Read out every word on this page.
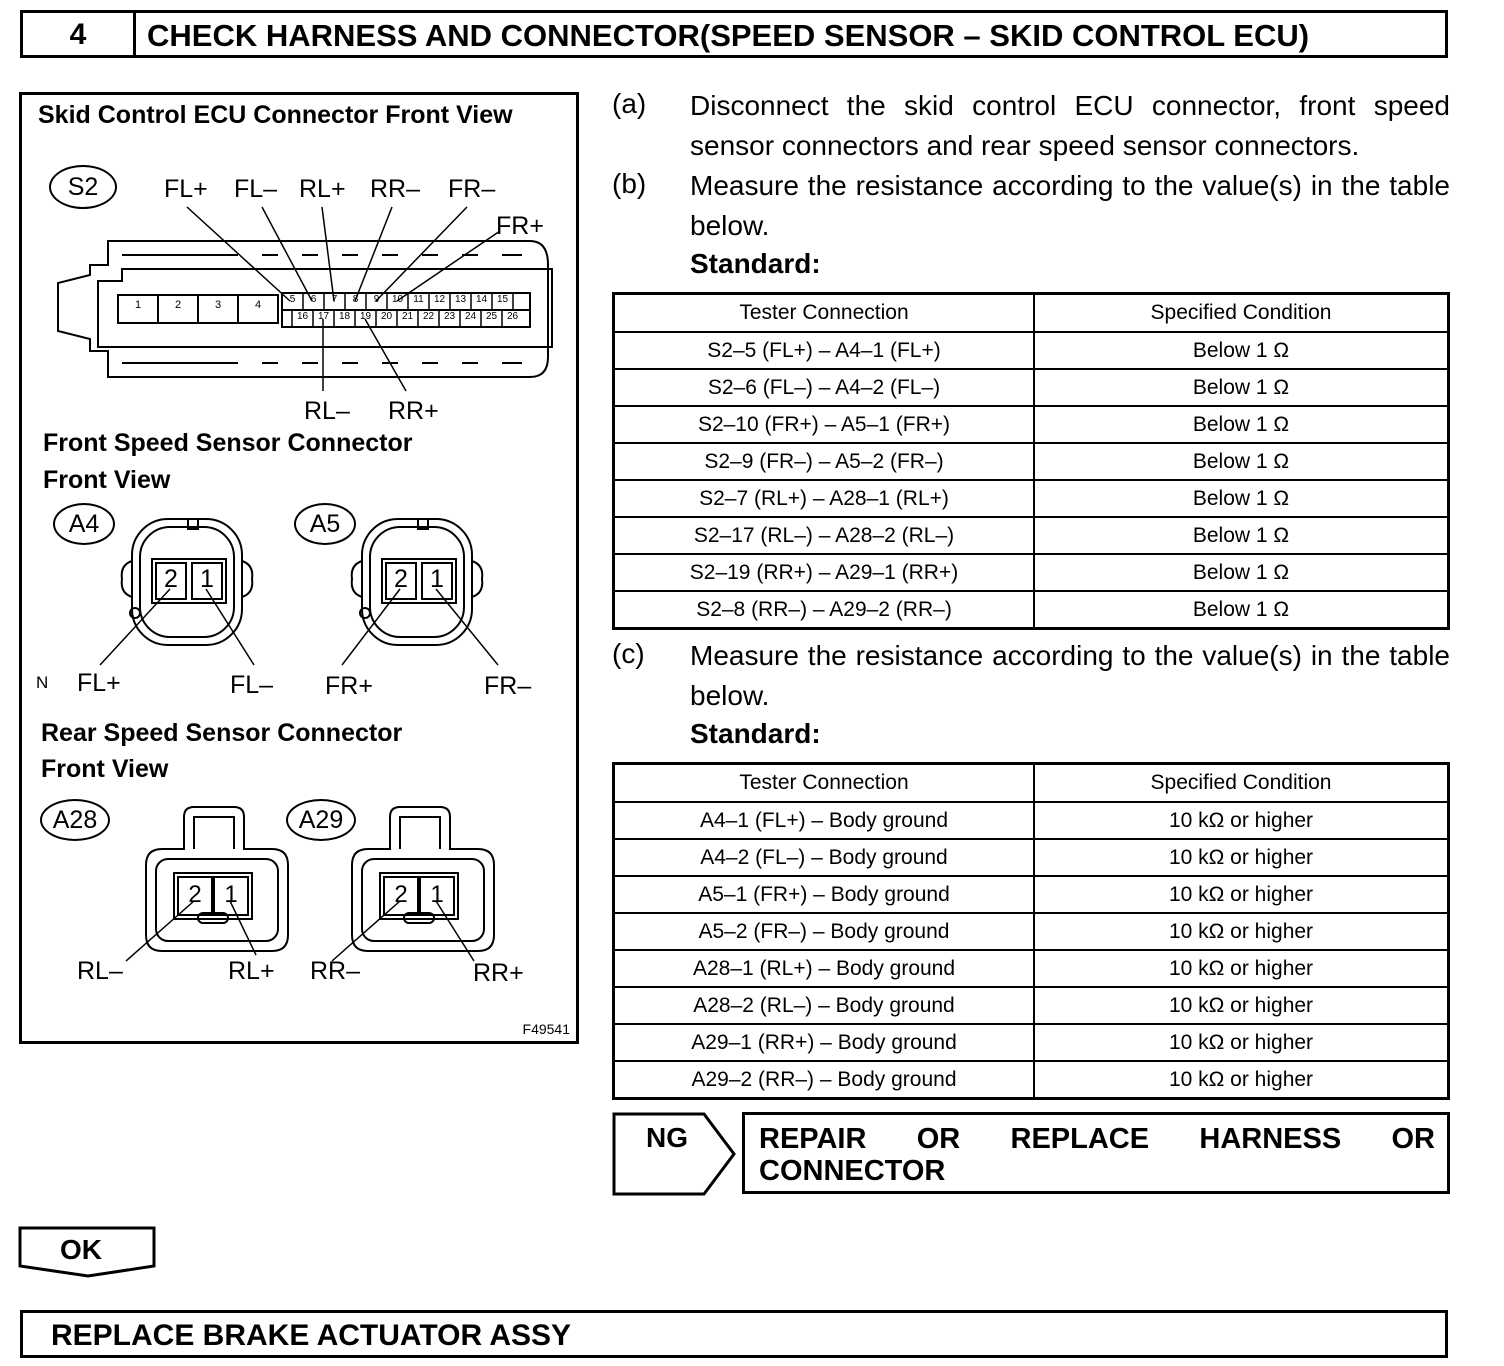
4	CHECK HARNESS AND CONNECTOR(SPEED SENSOR – SKID CONTROL ECU)
Skid Control ECU Connector Front View
S2	FL+ FL– RL+ RR– FR–
FR+
1	2	3	4	5	6	7	8	9	10	11	12 13 14 15
16 17 18 19 20 21 22 23 24 25 26
RL– RR+
Front Speed Sensor Connector
Front View
A4	A5
2 1	2 1
N FL+	FL– FR+	FR–
Rear Speed Sensor Connector
Front View
A28	A29
2 1	2 1
RL–	RL+ RR–	RR+
F49541
(a) Disconnect the skid control ECU connector, front speed sensor connectors and rear speed sensor connectors.
(b) Measure the resistance according to the value(s) in the table below.
Standard:
Tester Connection	Specified Condition
S2–5 (FL+) – A4–1 (FL+)	Below 1 Ω
S2–6 (FL–) – A4–2 (FL–)	Below 1 Ω
S2–10 (FR+) – A5–1 (FR+)	Below 1 Ω
S2–9 (FR–) – A5–2 (FR–)	Below 1 Ω
S2–7 (RL+) – A28–1 (RL+)	Below 1 Ω
S2–17 (RL–) – A28–2 (RL–)	Below 1 Ω
S2–19 (RR+) – A29–1 (RR+)	Below 1 Ω
S2–8 (RR–) – A29–2 (RR–)	Below 1 Ω
(c) Measure the resistance according to the value(s) in the table below.
Standard:
Tester Connection	Specified Condition
A4–1 (FL+) – Body ground	10 kΩ or higher
A4–2 (FL–) – Body ground	10 kΩ or higher
A5–1 (FR+) – Body ground	10 kΩ or higher
A5–2 (FR–) – Body ground	10 kΩ or higher
A28–1 (RL+) – Body ground	10 kΩ or higher
A28–2 (RL–) – Body ground	10 kΩ or higher
A29–1 (RR+) – Body ground	10 kΩ or higher
A29–2 (RR–) – Body ground	10 kΩ or higher
NG REPAIR OR REPLACE HARNESS OR CONNECTOR
OK
REPLACE BRAKE ACTUATOR ASSY
